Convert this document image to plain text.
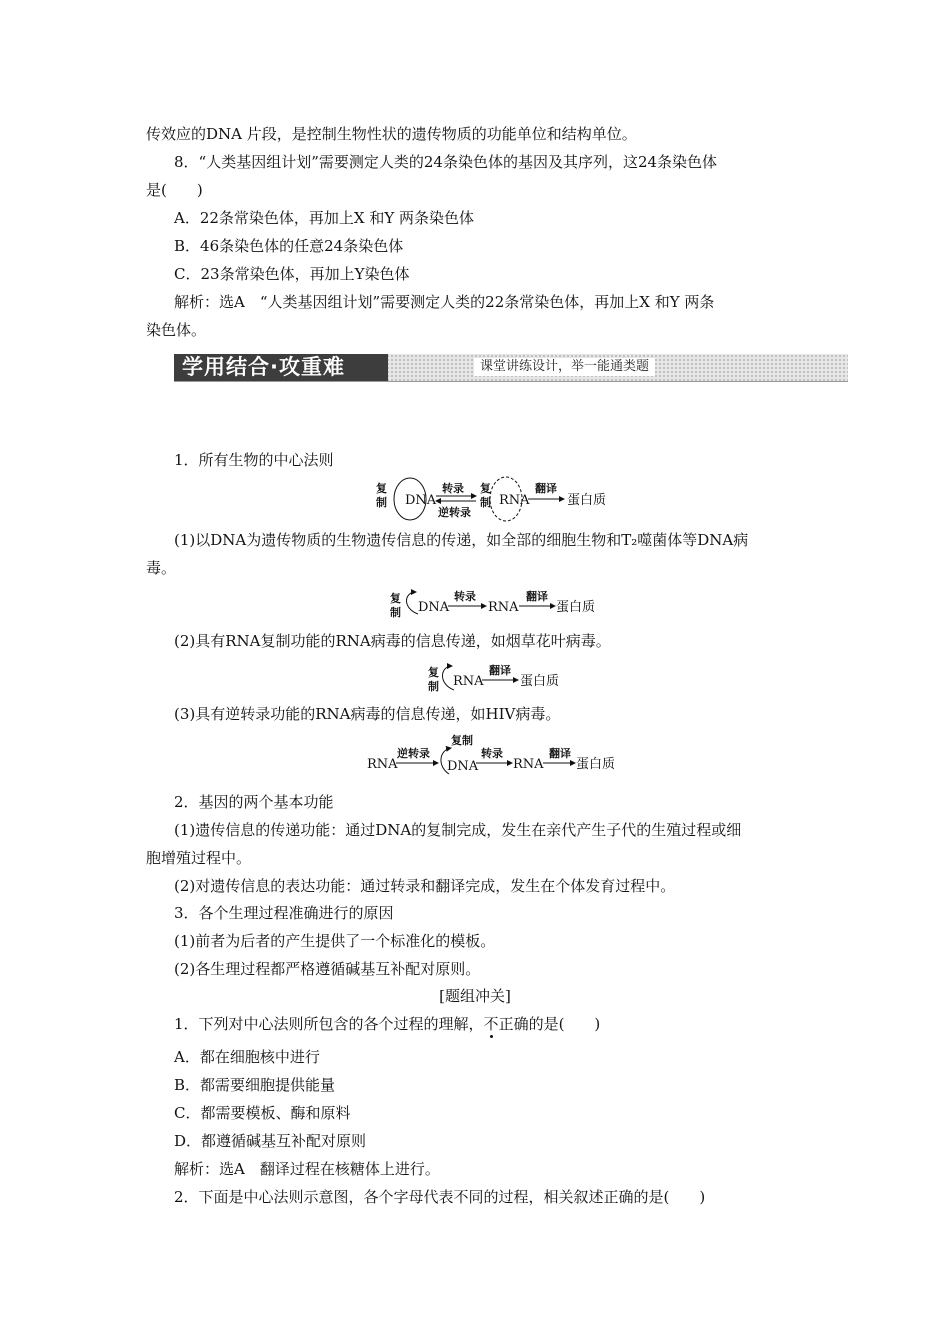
传效应的DNA 片段，是控制生物性状的遗传物质的功能单位和结构单位。
8．“人类基因组计划”需要测定人类的24条染色体的基因及其序列，这24条染色体
是(　　)
A．22条常染色体，再加上X 和Y 两条染色体
B．46条染色体的任意24条染色体
C．23条常染色体，再加上Y染色体
解析：选A　“人类基因组计划”需要测定人类的22条常染色体，再加上X 和Y 两条
染色体。
学用结合·攻重难	课堂讲练设计，举一能通类题
1．所有生物的中心法则
复
制 DNA
转录
逆转录
复
制 RNA
翻译
蛋白质
(1)以DNA为遗传物质的生物遗传信息的传递，如全部的细胞生物和T₂噬菌体等DNA病
毒。
复
制 DNA
转录
RNA
翻译
蛋白质
(2)具有RNA复制功能的RNA病毒的信息传递，如烟草花叶病毒。
复
制 RNA
翻译
蛋白质
(3)具有逆转录功能的RNA病毒的信息传递，如HIV病毒。
RNA
逆转录
复制
DNA
转录
RNA
翻译
蛋白质
2．基因的两个基本功能
(1)遗传信息的传递功能：通过DNA的复制完成，发生在亲代产生子代的生殖过程或细
胞增殖过程中。
(2)对遗传信息的表达功能：通过转录和翻译完成，发生在个体发育过程中。
3．各个生理过程准确进行的原因
(1)前者为后者的产生提供了一个标准化的模板。
(2)各生理过程都严格遵循碱基互补配对原则。
[题组冲关]
1．下列对中心法则所包含的各个过程的理解，不正确的是(　　)
A．都在细胞核中进行
B．都需要细胞提供能量
C．都需要模板、酶和原料
D．都遵循碱基互补配对原则
解析：选A　翻译过程在核糖体上进行。
2．下面是中心法则示意图，各个字母代表不同的过程，相关叙述正确的是(　　)
